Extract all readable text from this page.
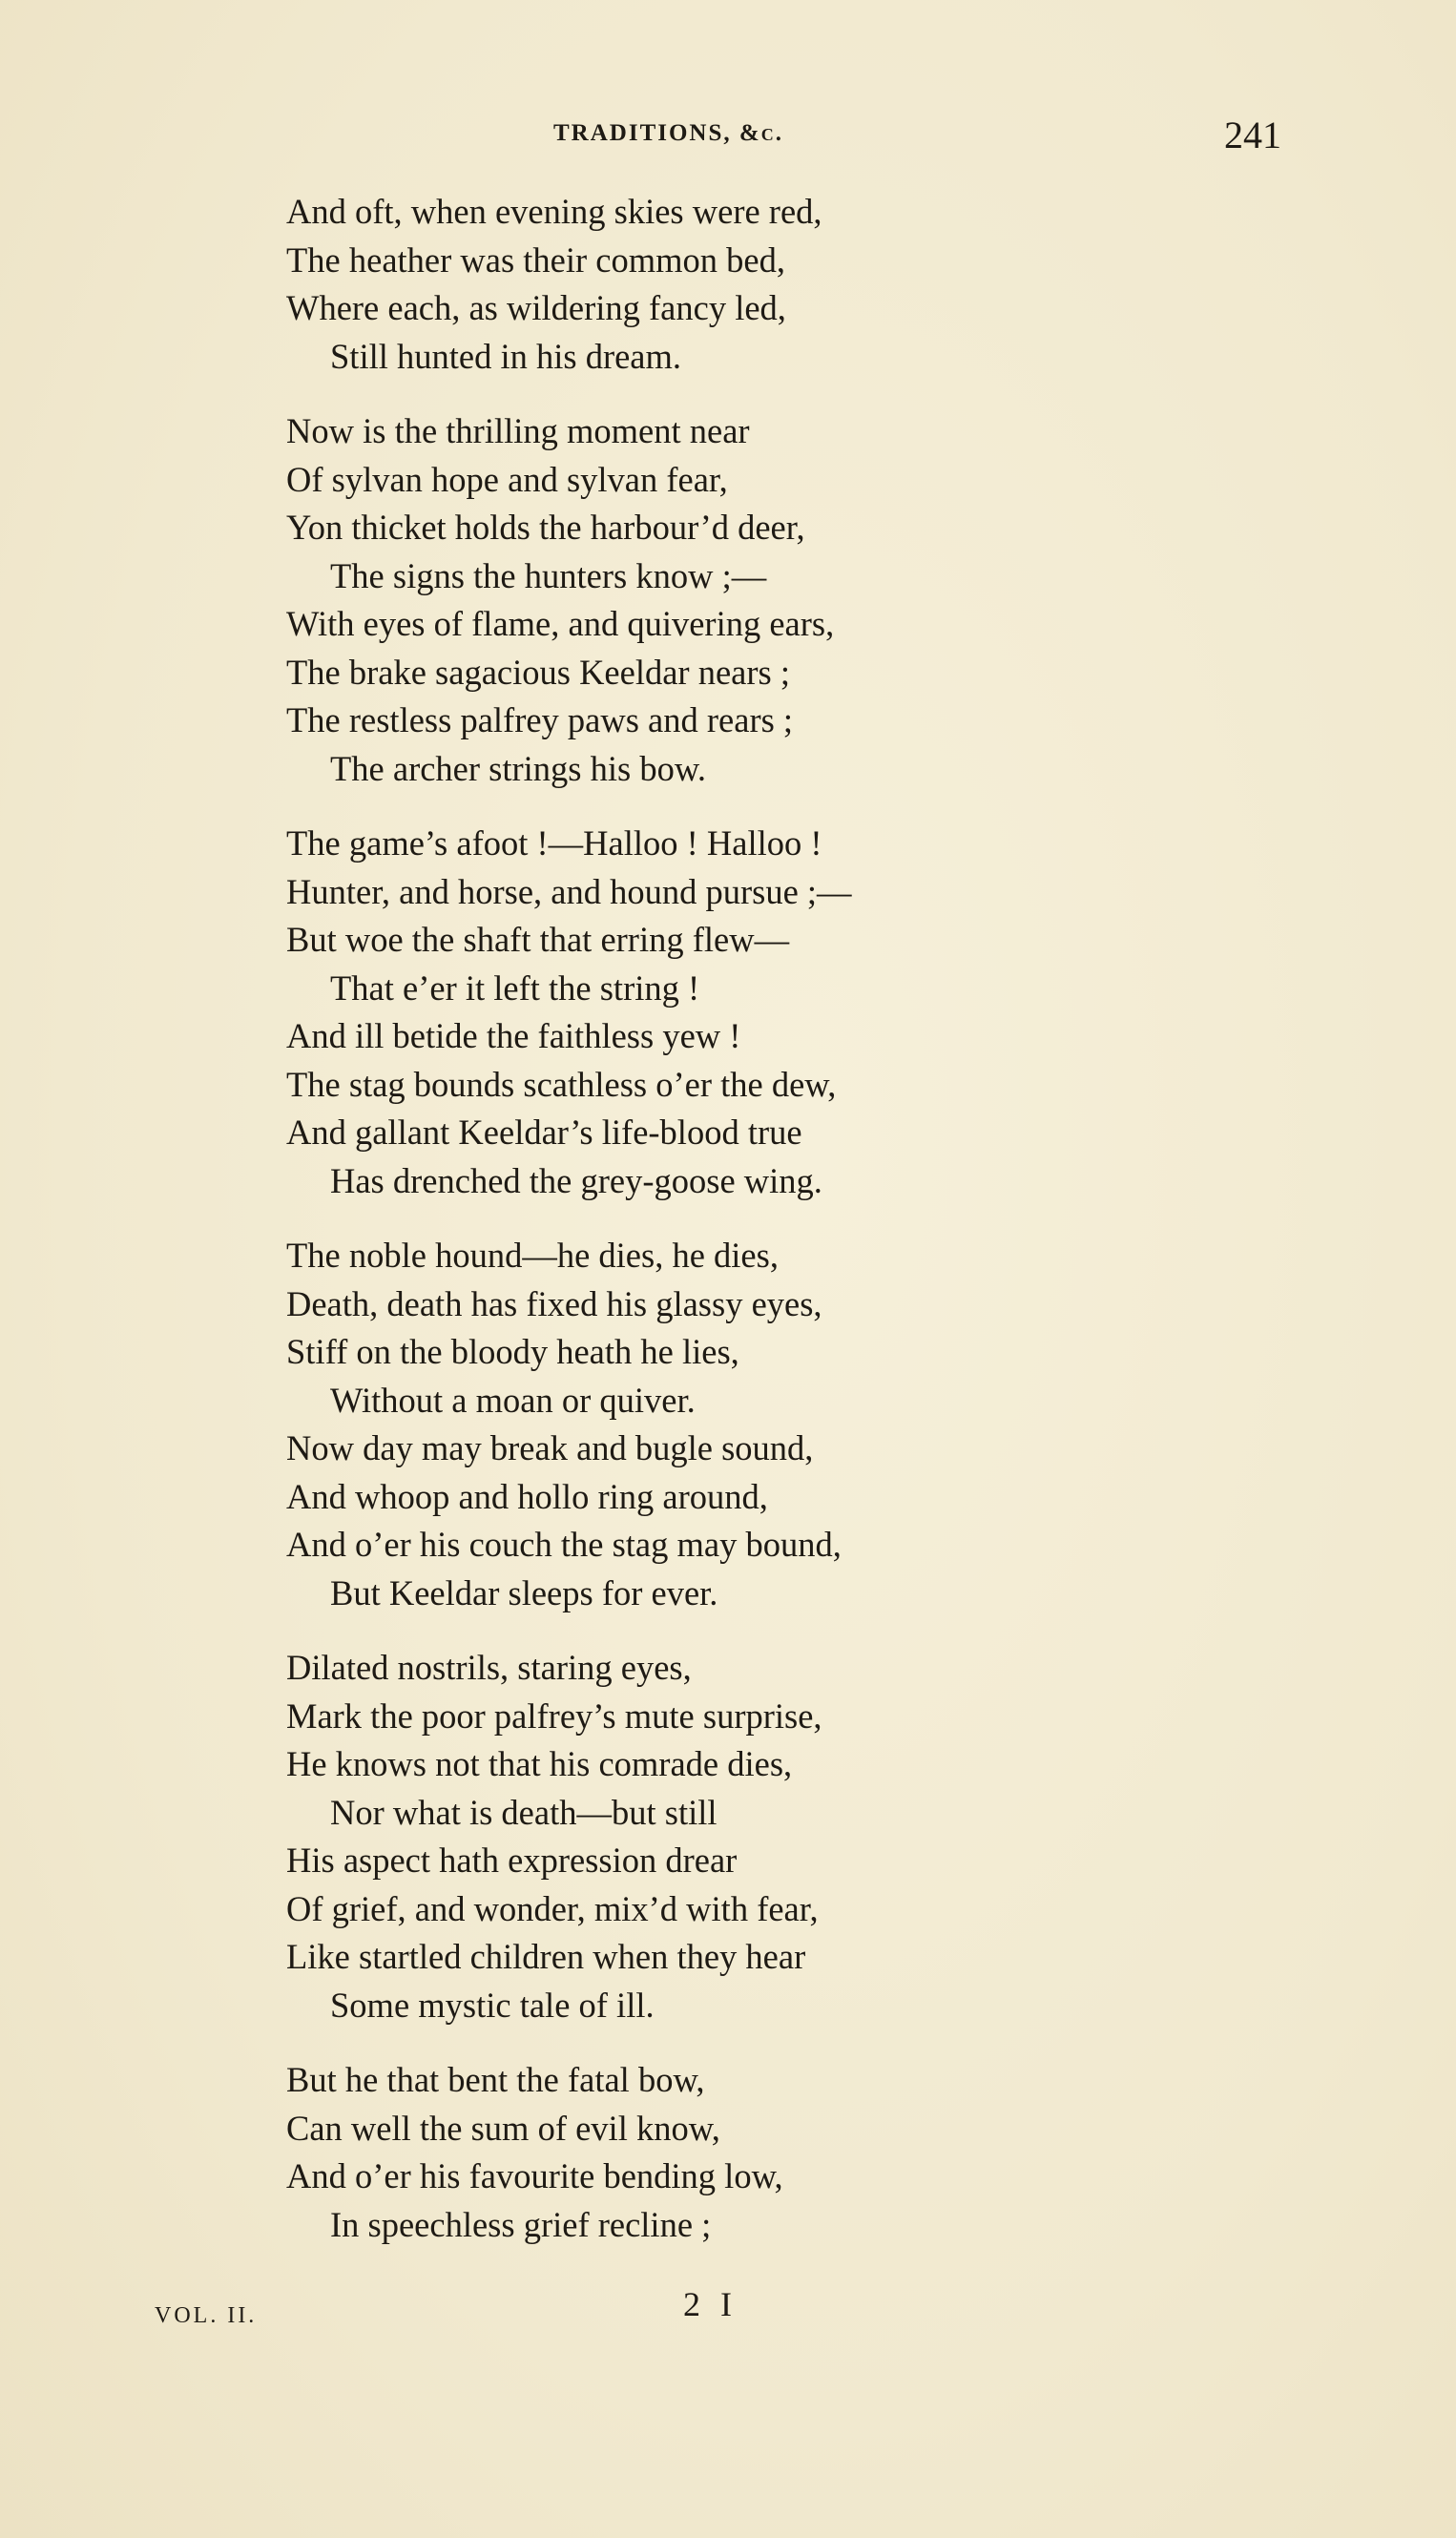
TRADITIONS, &c.	241
And oft, when evening skies were red,
The heather was their common bed,
Where each, as wildering fancy led,
Still hunted in his dream.
Now is the thrilling moment near
Of sylvan hope and sylvan fear,
Yon thicket holds the harbour’d deer,
The signs the hunters know ;—
With eyes of flame, and quivering ears,
The brake sagacious Keeldar nears ;
The restless palfrey paws and rears ;
The archer strings his bow.
The game’s afoot !—Halloo ! Halloo !
Hunter, and horse, and hound pursue ;—
But woe the shaft that erring flew—
That e’er it left the string !
And ill betide the faithless yew !
The stag bounds scathless o’er the dew,
And gallant Keeldar’s life-blood true
Has drenched the grey-goose wing.
The noble hound—he dies, he dies,
Death, death has fixed his glassy eyes,
Stiff on the bloody heath he lies,
Without a moan or quiver.
Now day may break and bugle sound,
And whoop and hollo ring around,
And o’er his couch the stag may bound,
But Keeldar sleeps for ever.
Dilated nostrils, staring eyes,
Mark the poor palfrey’s mute surprise,
He knows not that his comrade dies,
Nor what is death—but still
His aspect hath expression drear
Of grief, and wonder, mix’d with fear,
Like startled children when they hear
Some mystic tale of ill.
But he that bent the fatal bow,
Can well the sum of evil know,
And o’er his favourite bending low,
In speechless grief recline ;
VOL. II.	2 I
